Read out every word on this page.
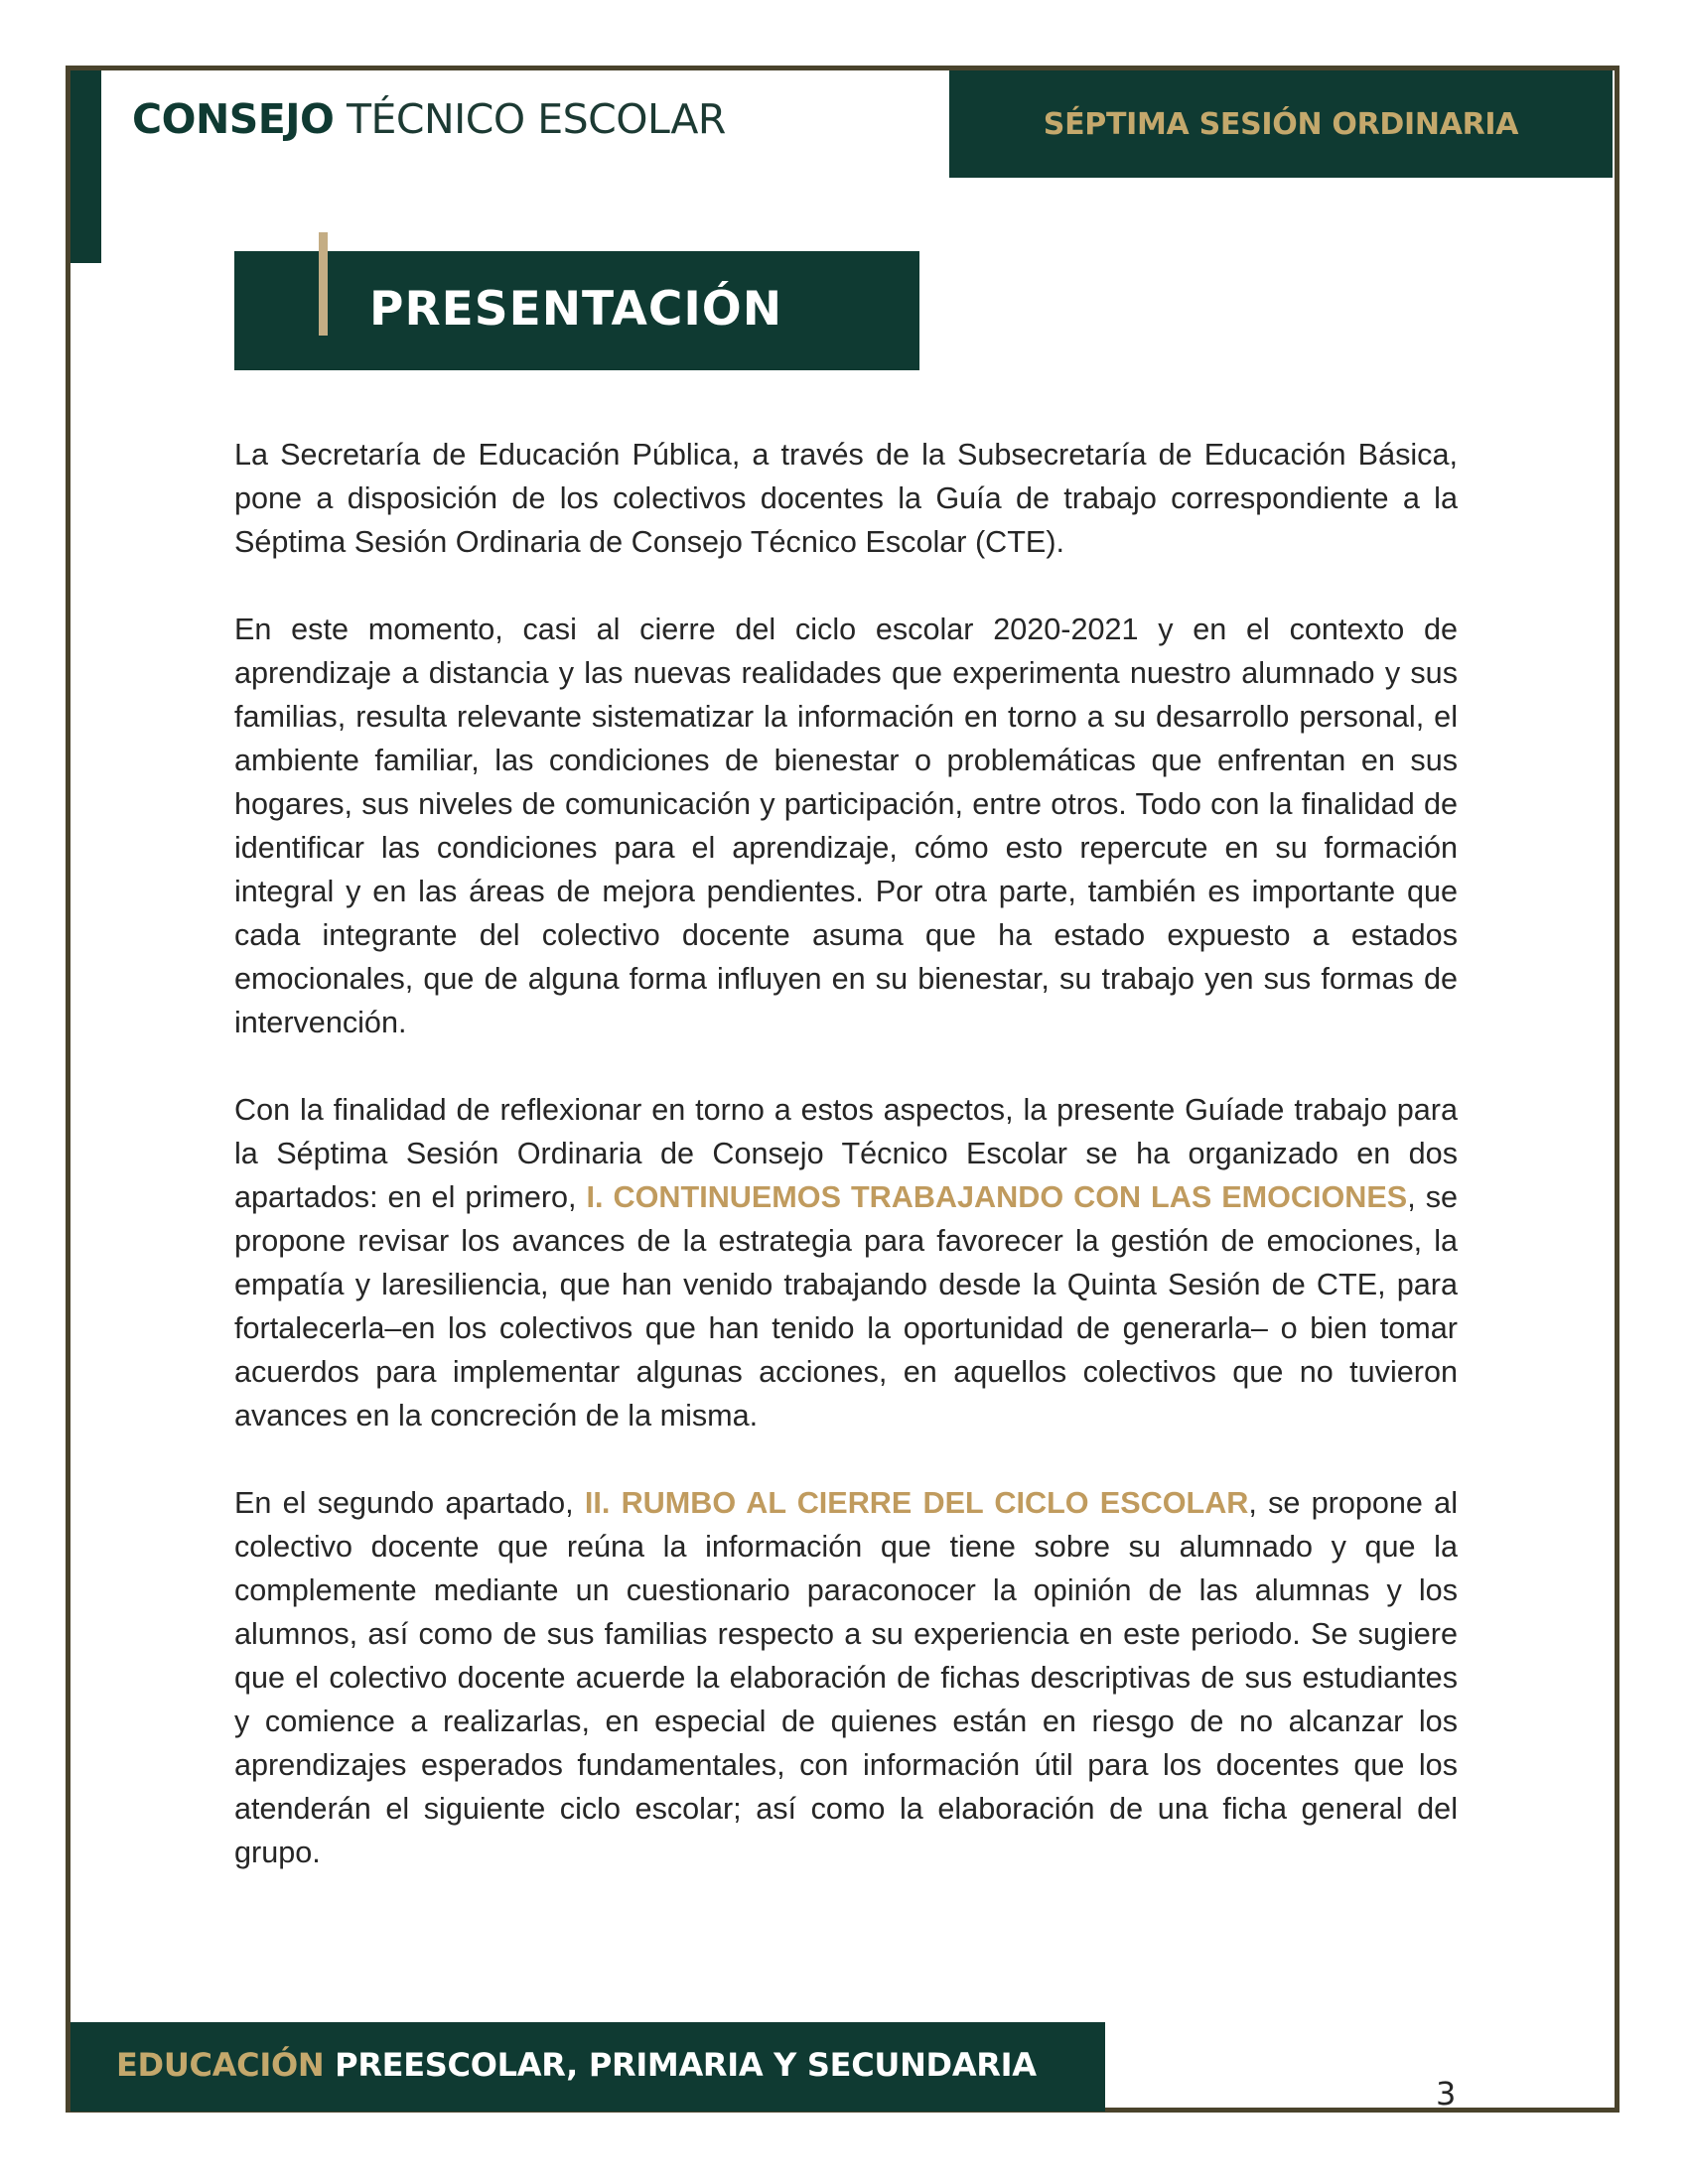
CONSEJO TÉCNICO ESCOLAR	SÉPTIMA SESIÓN ORDINARIA
PRESENTACIÓN

La Secretaría de Educación Pública, a través de la Subsecretaría de Educación Básica, pone a disposición de los colectivos docentes la Guía de trabajo correspondiente a la Séptima Sesión Ordinaria de Consejo Técnico Escolar (CTE).

En este momento, casi al cierre del ciclo escolar 2020-2021 y en el contexto de aprendizaje a distancia y las nuevas realidades que experimenta nuestro alumnado y sus familias, resulta relevante sistematizar la información en torno a su desarrollo personal, el ambiente familiar, las condiciones de bienestar o problemáticas que enfrentan en sus hogares, sus niveles de comunicación y participación, entre otros. Todo con la finalidad de identificar las condiciones para el aprendizaje, cómo esto repercute en su formación integral y en las áreas de mejora pendientes. Por otra parte, también es importante que cada integrante del colectivo docente asuma que ha estado expuesto a estados emocionales, que de alguna forma influyen en su bienestar, su trabajo yen sus formas de intervención.

Con la finalidad de reflexionar en torno a estos aspectos, la presente Guíade trabajo para la Séptima Sesión Ordinaria de Consejo Técnico Escolar se ha organizado en dos apartados: en el primero, I. CONTINUEMOS TRABAJANDO CON LAS EMOCIONES, se propone revisar los avances de la estrategia para favorecer la gestión de emociones, la empatía y laresiliencia, que han venido trabajando desde la Quinta Sesión de CTE, para fortalecerla–en los colectivos que han tenido la oportunidad de generarla– o bien tomar acuerdos para implementar algunas acciones, en aquellos colectivos que no tuvieron avances en la concreción de la misma.

En el segundo apartado, II. RUMBO AL CIERRE DEL CICLO ESCOLAR, se propone al colectivo docente que reúna la información que tiene sobre su alumnado y que la complemente mediante un cuestionario paraconocer la opinión de las alumnas y los alumnos, así como de sus familias respecto a su experiencia en este periodo. Se sugiere que el colectivo docente acuerde la elaboración de fichas descriptivas de sus estudiantes y comience a realizarlas, en especial de quienes están en riesgo de no alcanzar los aprendizajes esperados fundamentales, con información útil para los docentes que los atenderán el siguiente ciclo escolar; así como la elaboración de una ficha general del grupo.

EDUCACIÓN PREESCOLAR, PRIMARIA Y SECUNDARIA
3
